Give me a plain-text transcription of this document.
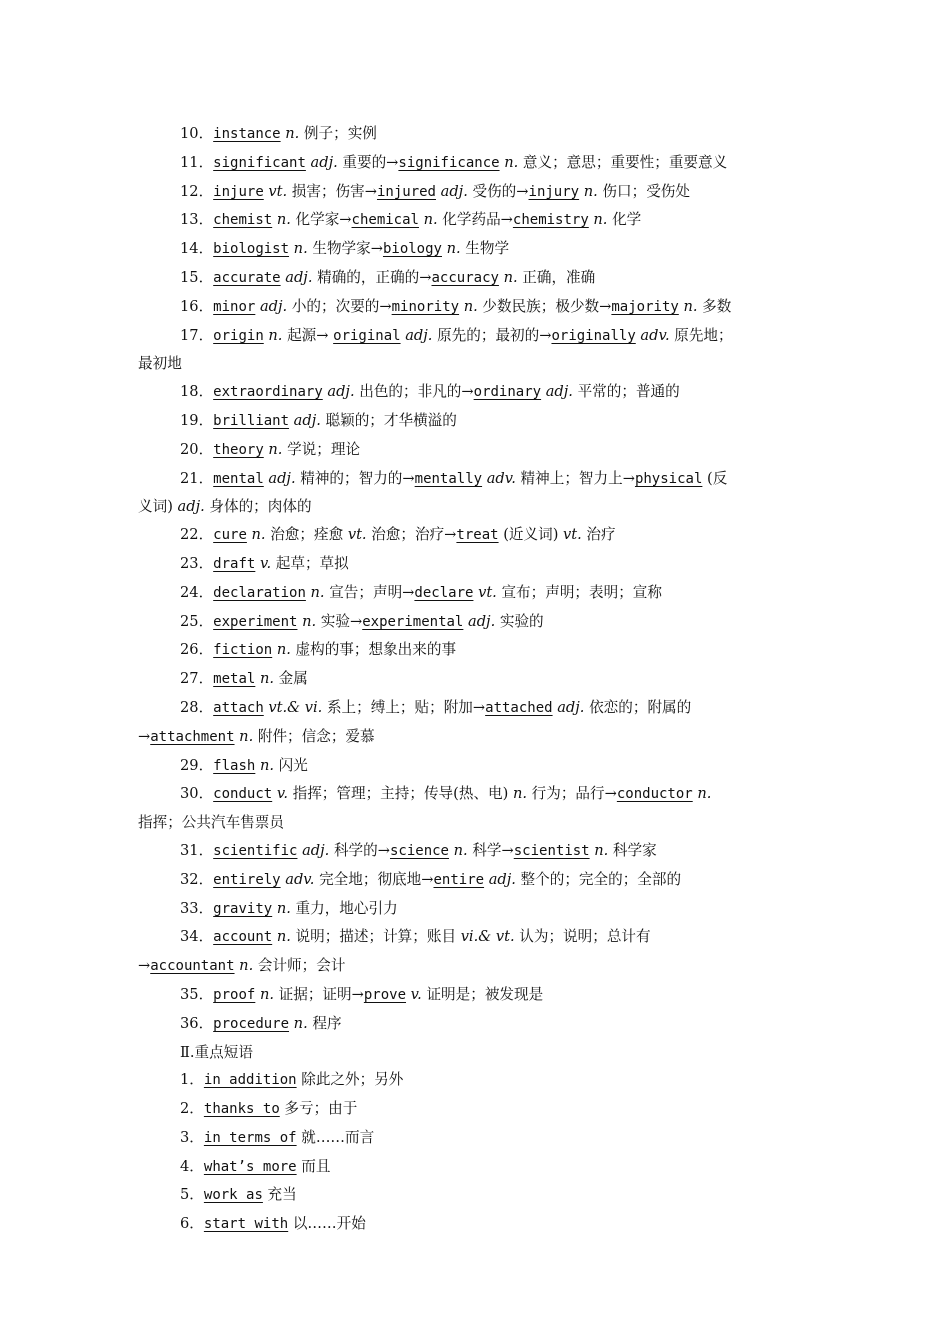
10．instance n. 例子；实例
11．significant adj. 重要的→significance n. 意义；意思；重要性；重要意义
12．injure vt. 损害；伤害→injured adj. 受伤的→injury n. 伤口；受伤处
13．chemist n. 化学家→chemical n. 化学药品→chemistry n. 化学
14．biologist n. 生物学家→biology n. 生物学
15．accurate adj. 精确的，正确的→accuracy n. 正确，准确
16．minor adj. 小的；次要的→minority n. 少数民族；极少数→majority n. 多数
17．origin n. 起源→ original adj. 原先的；最初的→originally adv. 原先地；
最初地
18．extraordinary adj. 出色的；非凡的→ordinary adj. 平常的；普通的
19．brilliant adj. 聪颖的；才华横溢的
20．theory n. 学说；理论
21．mental adj. 精神的；智力的→mentally adv. 精神上；智力上→physical (反
义词) adj. 身体的；肉体的
22．cure n. 治愈；痊愈 vt. 治愈；治疗→treat (近义词) vt. 治疗
23．draft v. 起草；草拟
24．declaration n. 宣告；声明→declare vt. 宣布；声明；表明；宣称
25．experiment n. 实验→experimental adj. 实验的
26．fiction n. 虚构的事；想象出来的事
27．metal n. 金属
28．attach vt.& vi. 系上；缚上；贴；附加→attached adj. 依恋的；附属的
→attachment n. 附件；信念；爱慕
29．flash n. 闪光
30．conduct v. 指挥；管理；主持；传导(热、电) n. 行为；品行→conductor n.
指挥；公共汽车售票员
31．scientific adj. 科学的→science n. 科学→scientist n. 科学家
32．entirely adv. 完全地；彻底地→entire adj. 整个的；完全的；全部的
33．gravity n. 重力，地心引力
34．account n. 说明；描述；计算；账目 vi.& vt. 认为；说明；总计有
→accountant n. 会计师；会计
35．proof n. 证据；证明→prove v. 证明是；被发现是
36．procedure n. 程序
Ⅱ.重点短语
1．in addition 除此之外；另外
2．thanks to 多亏；由于
3．in terms of 就……而言
4．what’s more 而且
5．work as 充当
6．start with 以……开始
